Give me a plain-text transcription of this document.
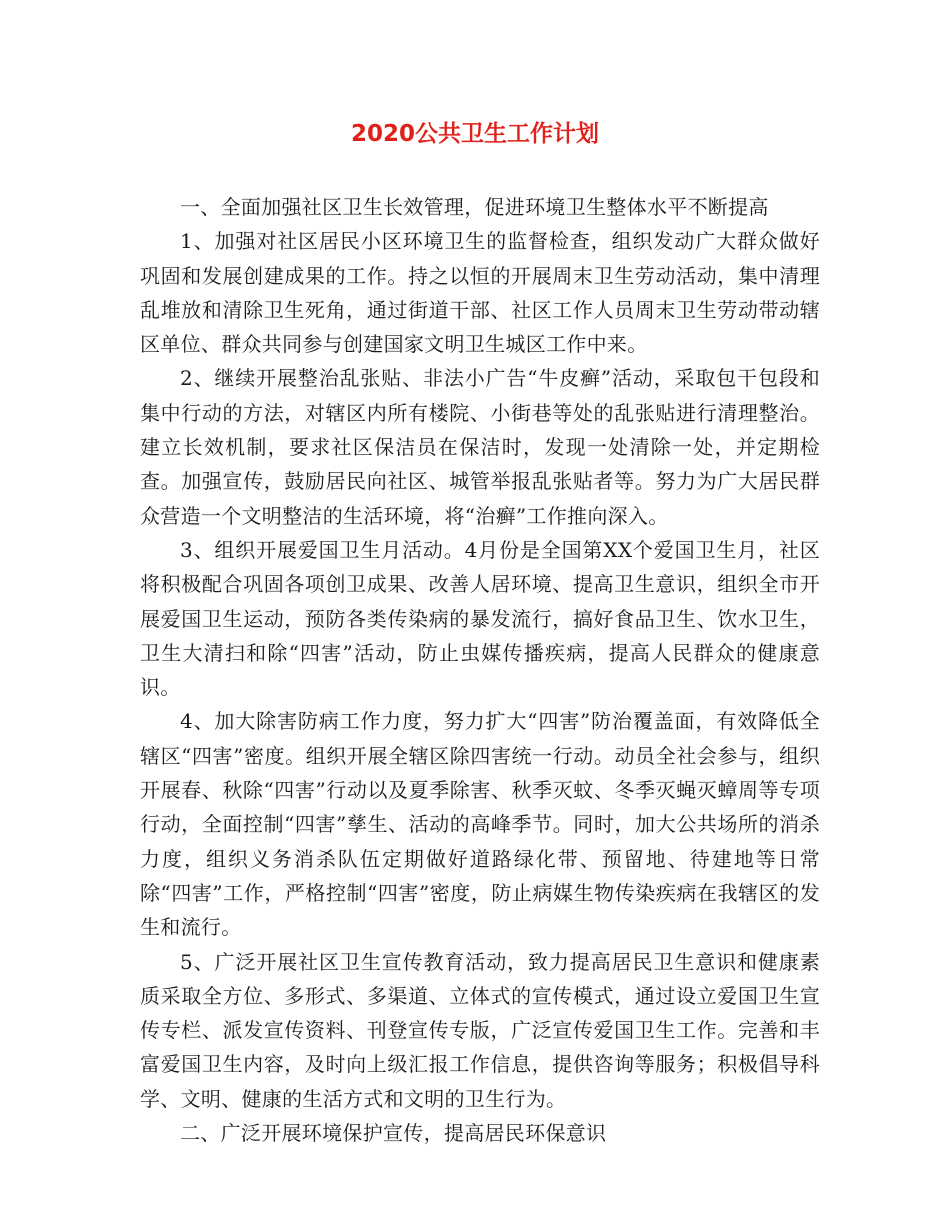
2020公共卫生工作计划

一、全面加强社区卫生长效管理，促进环境卫生整体水平不断提高

1、加强对社区居民小区环境卫生的监督检查，组织发动广大群众做好巩固和发展创建成果的工作。持之以恒的开展周末卫生劳动活动，集中清理乱堆放和清除卫生死角，通过街道干部、社区工作人员周末卫生劳动带动辖区单位、群众共同参与创建国家文明卫生城区工作中来。

2、继续开展整治乱张贴、非法小广告“牛皮癣”活动，采取包干包段和集中行动的方法，对辖区内所有楼院、小街巷等处的乱张贴进行清理整治。建立长效机制，要求社区保洁员在保洁时，发现一处清除一处，并定期检查。加强宣传，鼓励居民向社区、城管举报乱张贴者等。努力为广大居民群众营造一个文明整洁的生活环境，将“治癣”工作推向深入。

3、组织开展爱国卫生月活动。4月份是全国第XX个爱国卫生月，社区将积极配合巩固各项创卫成果、改善人居环境、提高卫生意识，组织全市开展爱国卫生运动，预防各类传染病的暴发流行，搞好食品卫生、饮水卫生，卫生大清扫和除“四害”活动，防止虫媒传播疾病，提高人民群众的健康意识。

4、加大除害防病工作力度，努力扩大“四害”防治覆盖面，有效降低全辖区“四害”密度。组织开展全辖区除四害统一行动。动员全社会参与，组织开展春、秋除“四害”行动以及夏季除害、秋季灭蚊、冬季灭蝇灭蟑周等专项行动，全面控制“四害”孳生、活动的高峰季节。同时，加大公共场所的消杀力度，组织义务消杀队伍定期做好道路绿化带、预留地、待建地等日常除“四害”工作，严格控制“四害”密度，防止病媒生物传染疾病在我辖区的发生和流行。

5、广泛开展社区卫生宣传教育活动，致力提高居民卫生意识和健康素质采取全方位、多形式、多渠道、立体式的宣传模式，通过设立爱国卫生宣传专栏、派发宣传资料、刊登宣传专版，广泛宣传爱国卫生工作。完善和丰富爱国卫生内容，及时向上级汇报工作信息，提供咨询等服务；积极倡导科学、文明、健康的生活方式和文明的卫生行为。

二、广泛开展环境保护宣传，提高居民环保意识
